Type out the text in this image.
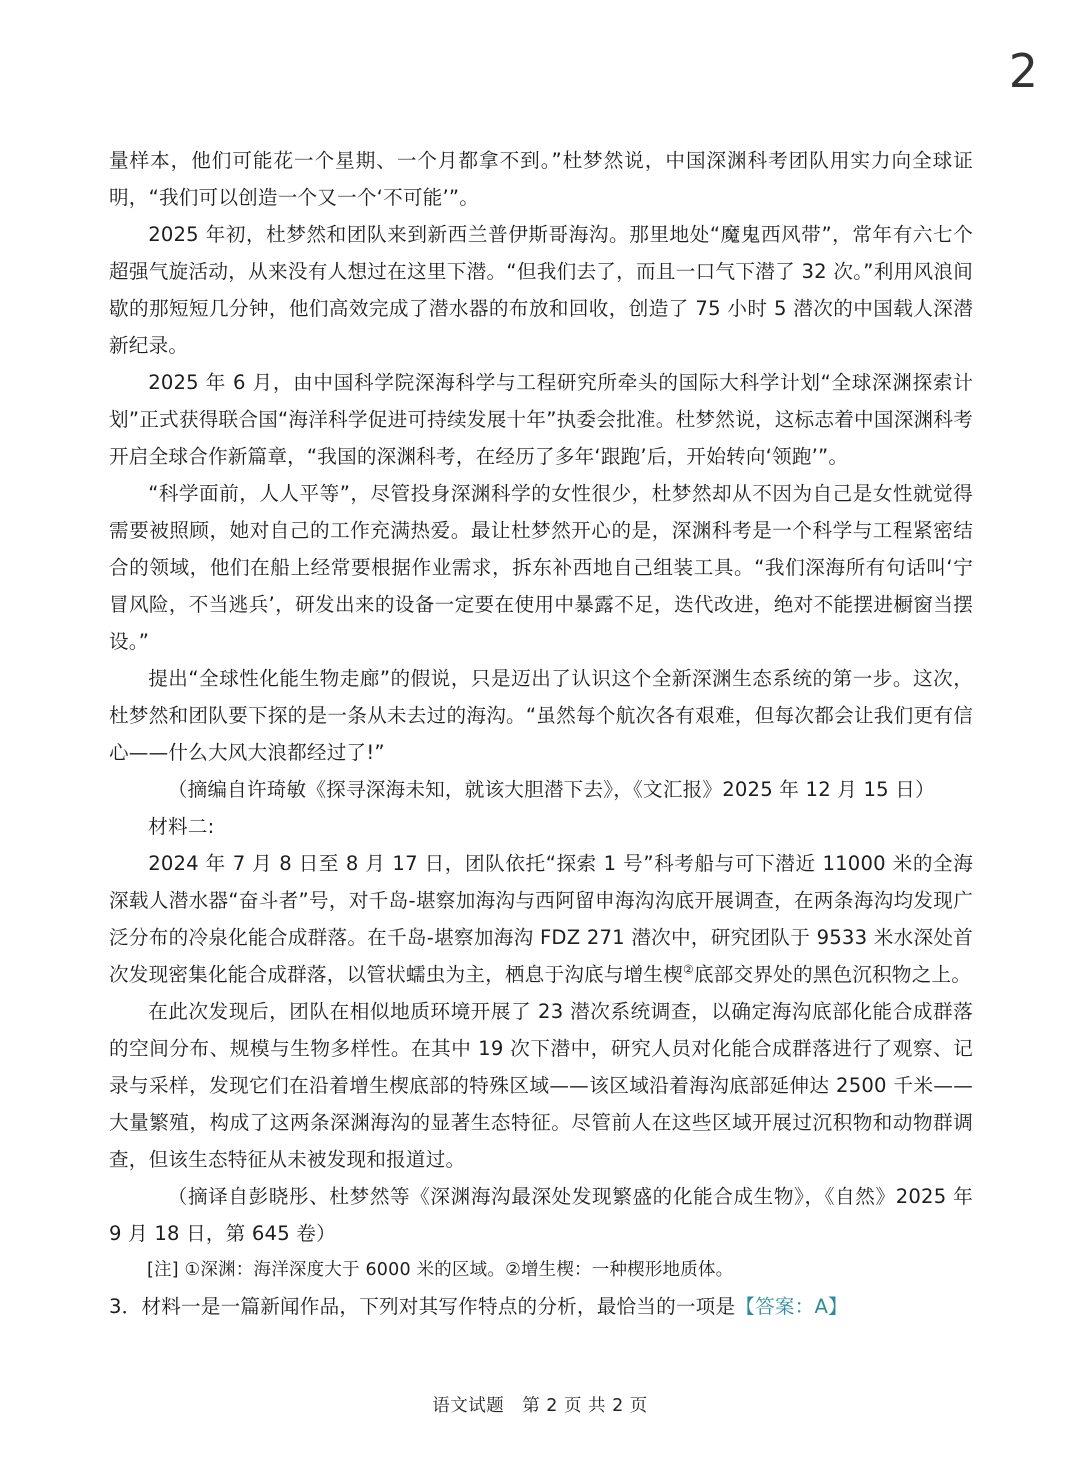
2

量样本，他们可能花一个星期、一个月都拿不到。”杜梦然说，中国深渊科考团队用实力向全球证明，“我们可以创造一个又一个‘不可能’”。

2025 年初，杜梦然和团队来到新西兰普伊斯哥海沟。那里地处“魔鬼西风带”，常年有六七个超强气旋活动，从来没有人想过在这里下潜。“但我们去了，而且一口气下潜了 32 次。”利用风浪间歇的那短短几分钟，他们高效完成了潜水器的布放和回收，创造了 75 小时 5 潜次的中国载人深潜新纪录。

2025 年 6 月，由中国科学院深海科学与工程研究所牵头的国际大科学计划“全球深渊探索计划”正式获得联合国“海洋科学促进可持续发展十年”执委会批准。杜梦然说，这标志着中国深渊科考开启全球合作新篇章，“我国的深渊科考，在经历了多年‘跟跑’后，开始转向‘领跑’”。

“科学面前，人人平等”，尽管投身深渊科学的女性很少，杜梦然却从不因为自己是女性就觉得需要被照顾，她对自己的工作充满热爱。最让杜梦然开心的是，深渊科考是一个科学与工程紧密结合的领域，他们在船上经常要根据作业需求，拆东补西地自己组装工具。“我们深海所有句话叫‘宁冒风险，不当逃兵’，研发出来的设备一定要在使用中暴露不足，迭代改进，绝对不能摆进橱窗当摆设。”

提出“全球性化能生物走廊”的假说，只是迈出了认识这个全新深渊生态系统的第一步。这次，杜梦然和团队要下探的是一条从未去过的海沟。“虽然每个航次各有艰难，但每次都会让我们更有信心——什么大风大浪都经过了!”

（摘编自许琦敏《探寻深海未知，就该大胆潜下去》，《文汇报》2025 年 12 月 15 日）

材料二:

2024 年 7 月 8 日至 8 月 17 日，团队依托“探索 1 号”科考船与可下潜近 11000 米的全海深载人潜水器“奋斗者”号，对千岛-堪察加海沟与西阿留申海沟沟底开展调查，在两条海沟均发现广泛分布的冷泉化能合成群落。在千岛-堪察加海沟 FDZ 271 潜次中，研究团队于 9533 米水深处首次发现密集化能合成群落，以管状蠕虫为主，栖息于沟底与增生楔②底部交界处的黑色沉积物之上。

在此次发现后，团队在相似地质环境开展了 23 潜次系统调查，以确定海沟底部化能合成群落的空间分布、规模与生物多样性。在其中 19 次下潜中，研究人员对化能合成群落进行了观察、记录与采样，发现它们在沿着增生楔底部的特殊区域——该区域沿着海沟底部延伸达 2500 千米——大量繁殖，构成了这两条深渊海沟的显著生态特征。尽管前人在这些区域开展过沉积物和动物群调查，但该生态特征从未被发现和报道过。

（摘译自彭晓彤、杜梦然等《深渊海沟最深处发现繁盛的化能合成生物》，《自然》2025 年 9 月 18 日，第 645 卷）

[注] ①深渊：海洋深度大于 6000 米的区域。②增生楔：一种楔形地质体。

3．材料一是一篇新闻作品，下列对其写作特点的分析，最恰当的一项是【答案：A】

语文试题　第 2 页 共 2 页
